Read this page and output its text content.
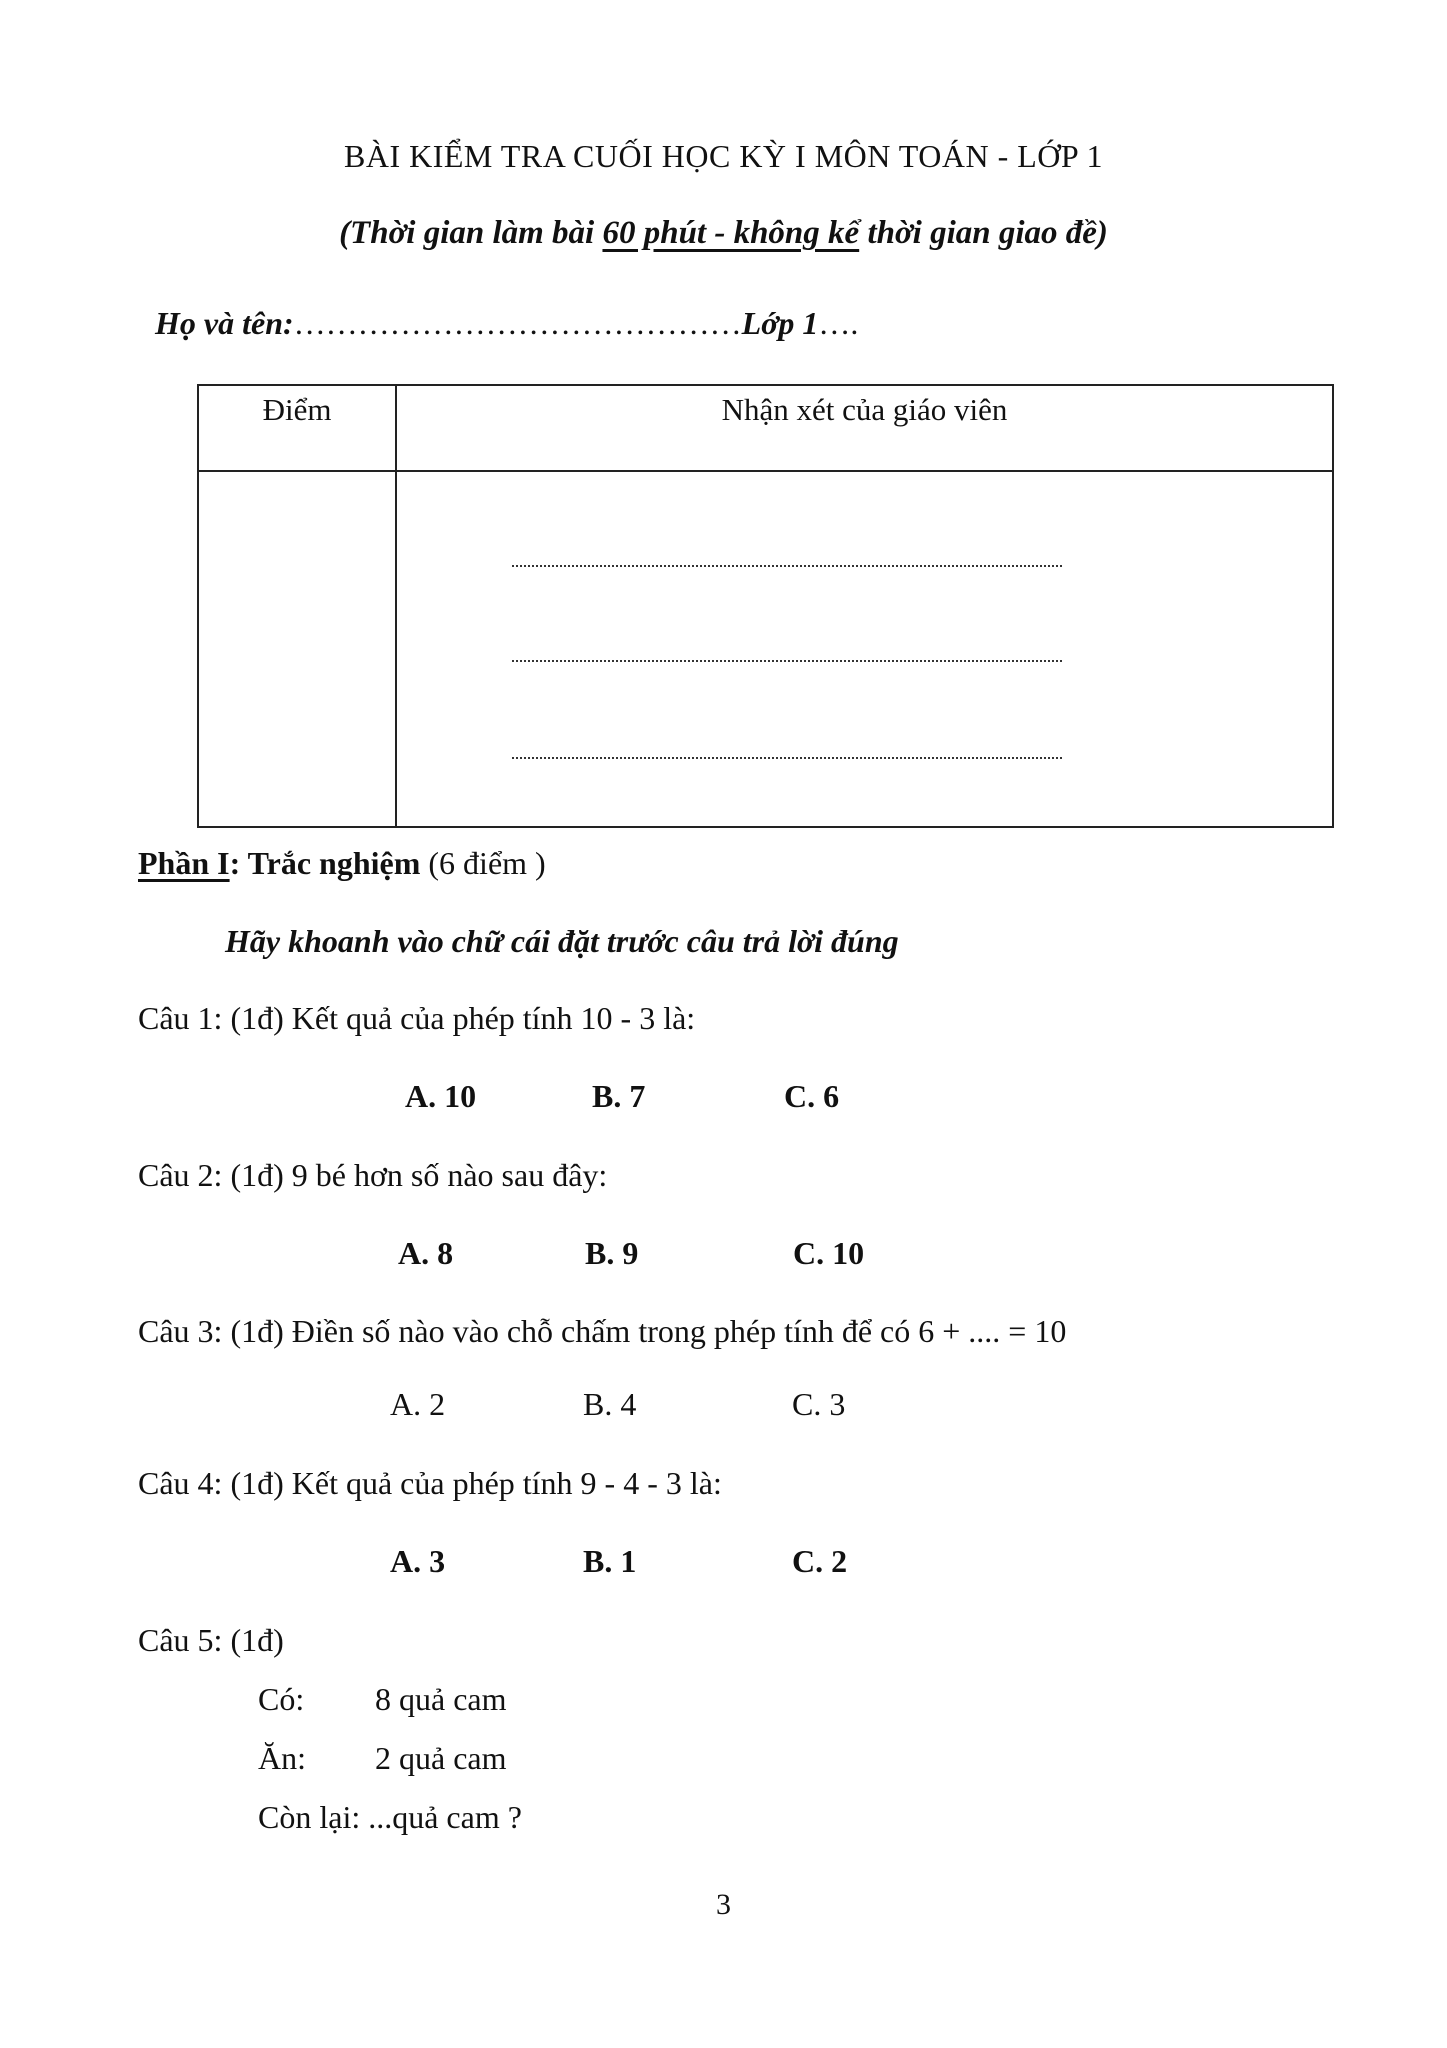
BÀI KIỂM TRA CUỐI HỌC KỲ I MÔN TOÁN - LỚP 1
(Thời gian làm bài 60 phút - không kể thời gian giao đề)
Họ và tên:……………………………………Lớp 1….
Điểm	Nhận xét của giáo viên

Phần I: Trắc nghiệm (6 điểm )
Hãy khoanh vào chữ cái đặt trước câu trả lời đúng
Câu 1: (1đ) Kết quả của phép tính 10 - 3 là:
A. 10	B. 7	C. 6
Câu 2: (1đ) 9 bé hơn số nào sau đây:
A. 8	B. 9	C. 10
Câu 3: (1đ) Điền số nào vào chỗ chấm trong phép tính để có 6 + .... = 10
A. 2	B. 4	C. 3
Câu 4: (1đ) Kết quả của phép tính 9 - 4 - 3 là:
A. 3	B. 1	C. 2
Câu 5: (1đ)
Có: 8 quả cam
Ăn: 2 quả cam
Còn lại: ...quả cam ?
3
